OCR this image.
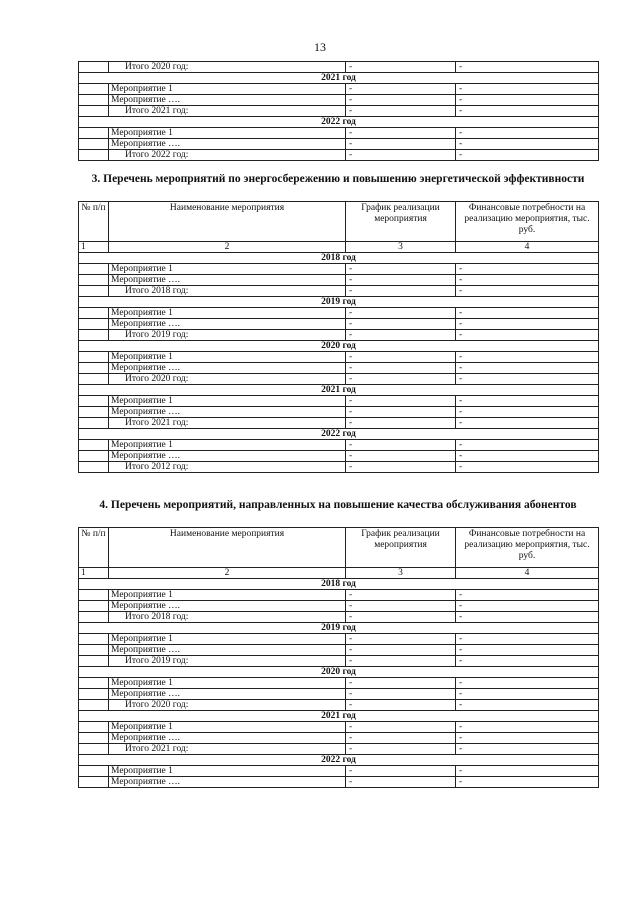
13
	Итого 2020 год:	-	-
2021 год			
	Мероприятие 1	-	-
	Мероприятие ….	-	-
	Итого 2021 год:	-	-
2022 год			
	Мероприятие 1	-	-
	Мероприятие ….	-	-
	Итого 2022 год:	-	-
3. Перечень мероприятий по энергосбережению и повышению энергетической эффективности
№ п/п	Наименование мероприятия	График реализации мероприятия	Финансовые потребности на реализацию мероприятия, тыс. руб.
1	2	3	4
2018 год			
	Мероприятие 1	-	-
	Мероприятие ….	-	-
	Итого 2018 год:	-	-
2019 год			
	Мероприятие 1	-	-
	Мероприятие ….	-	-
	Итого 2019 год:	-	-
2020 год			
	Мероприятие 1	-	-
	Мероприятие ….	-	-
	Итого 2020 год:	-	-
2021 год			
	Мероприятие 1	-	-
	Мероприятие ….	-	-
	Итого 2021 год:	-	-
2022 год			
	Мероприятие 1	-	-
	Мероприятие ….	-	-
	Итого 2012 год:	-	-
4. Перечень мероприятий, направленных на повышение качества обслуживания абонентов
№ п/п	Наименование мероприятия	График реализации мероприятия	Финансовые потребности на реализацию мероприятия, тыс. руб.
1	2	3	4
2018 год			
	Мероприятие 1	-	-
	Мероприятие ….	-	-
	Итого 2018 год:	-	-
2019 год			
	Мероприятие 1	-	-
	Мероприятие ….	-	-
	Итого 2019 год:	-	-
2020 год			
	Мероприятие 1	-	-
	Мероприятие ….	-	-
	Итого 2020 год:	-	-
2021 год			
	Мероприятие 1	-	-
	Мероприятие ….	-	-
	Итого 2021 год:	-	-
2022 год			
	Мероприятие 1	-	-
	Мероприятие ….	-	-
